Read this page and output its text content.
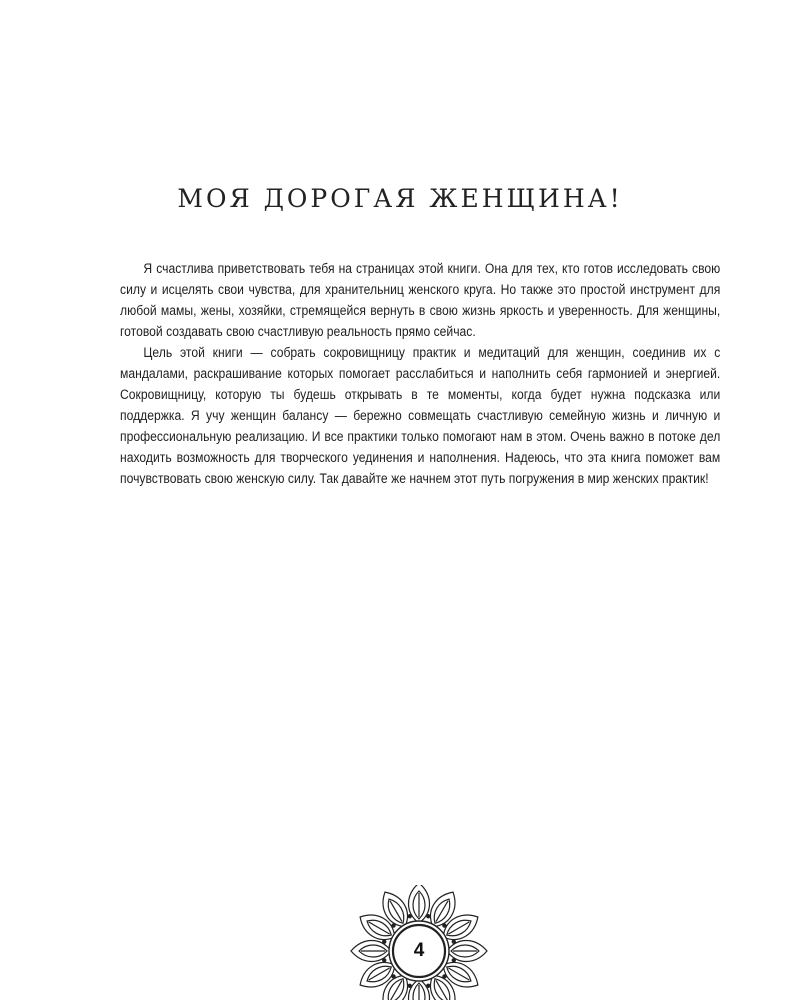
МОЯ ДОРОГАЯ ЖЕНЩИНА!

Я счастлива приветствовать тебя на страницах этой книги. Она для тех, кто готов исследовать свою силу и исцелять свои чувства, для хранительниц женского круга. Но также это простой инструмент для любой мамы, жены, хозяйки, стремящейся вернуть в свою жизнь яркость и уверенность. Для женщины, готовой создавать свою счастливую реальность прямо сейчас.

Цель этой книги — собрать сокровищницу практик и медитаций для женщин, соединив их с мандалами, раскрашивание которых помогает расслабиться и наполнить себя гармонией и энергией. Сокровищницу, которую ты будешь открывать в те моменты, когда будет нужна подсказка или поддержка. Я учу женщин балансу — бережно совмещать счастливую семейную жизнь и личную и профессиональную реализацию. И все практики только помогают нам в этом. Очень важно в потоке дел находить возможность для творческого уединения и наполнения. Надеюсь, что эта книга поможет вам почувствовать свою женскую силу. Так давайте же начнем этот путь погружения в мир женских практик!

4
